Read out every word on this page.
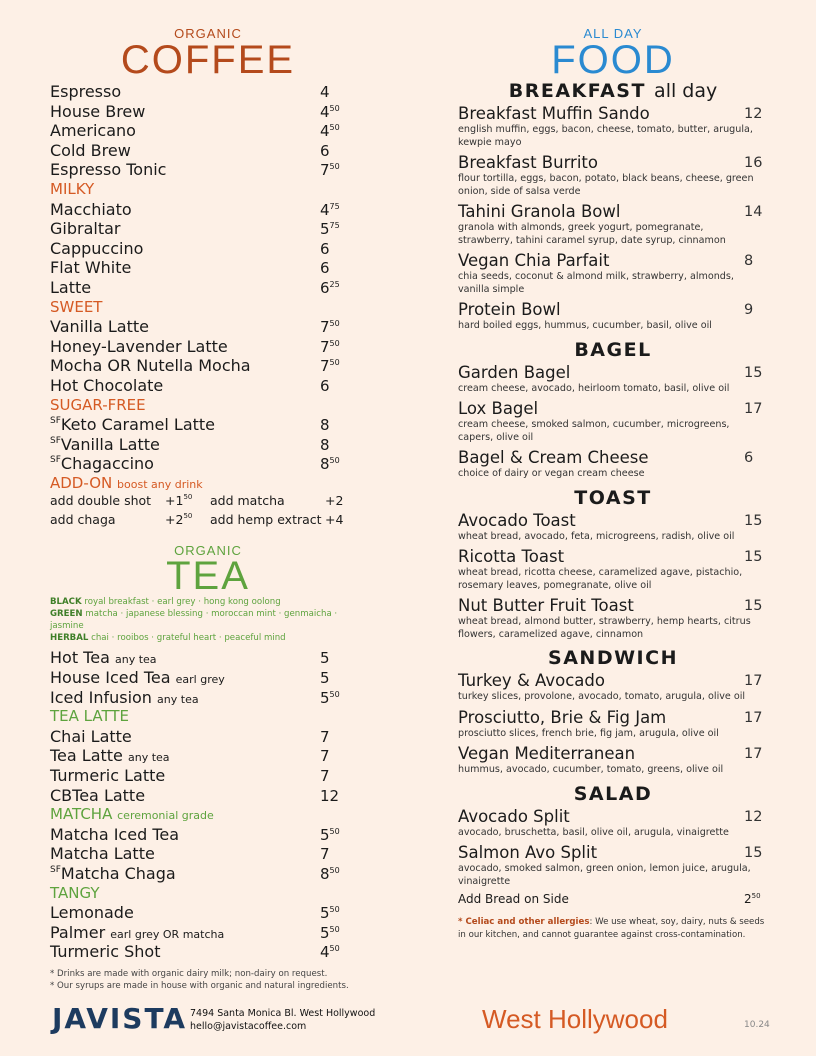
ORGANIC
COFFEE
Espresso	4
House Brew	$4^{50}$
Americano	$4^{50}$
Cold Brew	6
Espresso Tonic	$7^{50}$
MILKY
Macchiato	$4^{75}$
Gibraltar	$5^{75}$
Cappuccino	6
Flat White	6
Latte	$6^{25}$
SWEET
Vanilla Latte	$7^{50}$
Honey-Lavender Latte	$7^{50}$
Mocha OR Nutella Mocha	$7^{50}$
Hot Chocolate	6
SUGAR-FREE
$^{SF}$Keto Caramel Latte	8
$^{SF}$Vanilla Latte	8
$^{SF}$Chagaccino	$8^{50}$
ADD-ON boost any drink
add double shot	$+1^{50}$	add matcha	+2
add chaga	$+2^{50}$	add hemp extract +4
ORGANIC
TEA
BLACK royal breakfast · earl grey · hong kong oolong
GREEN matcha · japanese blessing · moroccan mint · genmaicha · jasmine
HERBAL chai · rooibos · grateful heart · peaceful mind
Hot Tea any tea	5
House Iced Tea earl grey	5
Iced Infusion any tea	$5^{50}$
TEA LATTE
Chai Latte	7
Tea Latte any tea	7
Turmeric Latte	7
CBTea Latte	12
MATCHA ceremonial grade
Matcha Iced Tea	$5^{50}$
Matcha Latte	7
$^{SF}$Matcha Chaga	$8^{50}$
TANGY
Lemonade	$5^{50}$
Palmer earl grey OR matcha	$5^{50}$
Turmeric Shot	$4^{50}$
* Drinks are made with organic dairy milk; non-dairy on request.
* Our syrups are made in house with organic and natural ingredients.
ALL DAY
FOOD
BREAKFAST all day
Breakfast Muffin Sando	12
english muffin, eggs, bacon, cheese, tomato, butter, arugula, kewpie mayo
Breakfast Burrito	16
flour tortilla, eggs, bacon, potato, black beans, cheese, green onion, side of salsa verde
Tahini Granola Bowl	14
granola with almonds, greek yogurt, pomegranate, strawberry, tahini caramel syrup, date syrup, cinnamon
Vegan Chia Parfait	8
chia seeds, coconut & almond milk, strawberry, almonds, vanilla simple
Protein Bowl	9
hard boiled eggs, hummus, cucumber, basil, olive oil
BAGEL
Garden Bagel	15
cream cheese, avocado, heirloom tomato, basil, olive oil
Lox Bagel	17
cream cheese, smoked salmon, cucumber, microgreens, capers, olive oil
Bagel & Cream Cheese	6
choice of dairy or vegan cream cheese
TOAST
Avocado Toast	15
wheat bread, avocado, feta, microgreens, radish, olive oil
Ricotta Toast	15
wheat bread, ricotta cheese, caramelized agave, pistachio, rosemary leaves, pomegranate, olive oil
Nut Butter Fruit Toast	15
wheat bread, almond butter, strawberry, hemp hearts, citrus flowers, caramelized agave, cinnamon
SANDWICH
Turkey & Avocado	17
turkey slices, provolone, avocado, tomato, arugula, olive oil
Prosciutto, Brie & Fig Jam	17
prosciutto slices, french brie, fig jam, arugula, olive oil
Vegan Mediterranean	17
hummus, avocado, cucumber, tomato, greens, olive oil
SALAD
Avocado Split	12
avocado, bruschetta, basil, olive oil, arugula, vinaigrette
Salmon Avo Split	15
avocado, smoked salmon, green onion, lemon juice, arugula, vinaigrette
Add Bread on Side	$2^{50}$
* Celiac and other allergies: We use wheat, soy, dairy, nuts & seeds in our kitchen, and cannot guarantee against cross-contamination.
JAVISTA 7494 Santa Monica Bl. West Hollywood
hello@javistacoffee.com	West Hollywood	10.24
